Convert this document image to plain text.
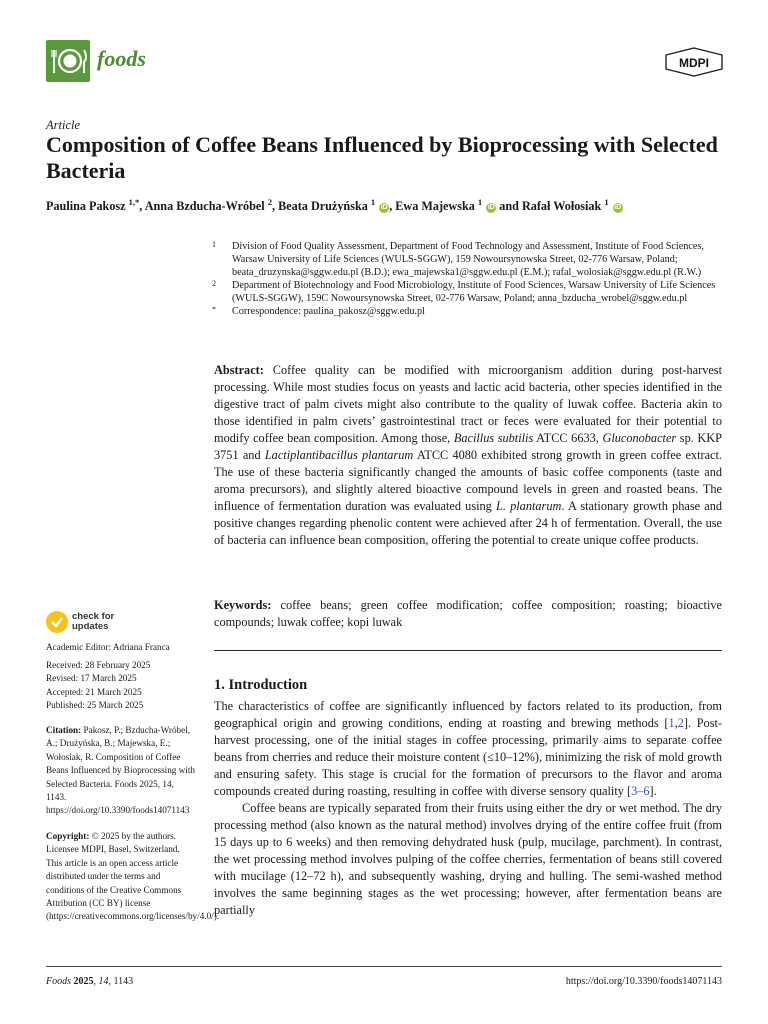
foods	MDPI
Article
Composition of Coffee Beans Influenced by Bioprocessing with Selected Bacteria
Paulina Pakosz $^{1,*}$, Anna Bzducha-Wróbel $^2$, Beata Drużyńska $^1$ iD , Ewa Majewska $^1$ iD and Rafał Wołosiak $^1$ iD
1 Division of Food Quality Assessment, Department of Food Technology and Assessment, Institute of Food Sciences, Warsaw University of Life Sciences (WULS-SGGW), 159 Nowoursynowska Street, 02-776 Warsaw, Poland; beata_druzynska@sggw.edu.pl (B.D.); ewa_majewska1@sggw.edu.pl (E.M.); rafal_wolosiak@sggw.edu.pl (R.W.)
2 Department of Biotechnology and Food Microbiology, Institute of Food Sciences, Warsaw University of Life Sciences (WULS-SGGW), 159C Nowoursynowska Street, 02-776 Warsaw, Poland; anna_bzducha_wrobel@sggw.edu.pl
* Correspondence: paulina_pakosz@sggw.edu.pl

Abstract: Coffee quality can be modified with microorganism addition during post-harvest processing. While most studies focus on yeasts and lactic acid bacteria, other species identified in the digestive tract of palm civets might also contribute to the quality of luwak coffee. Bacteria akin to those identified in palm civets’ gastrointestinal tract or feces were evaluated for their potential to modify coffee bean composition. Among those, Bacillus subtilis ATCC 6633, Gluconobacter sp. KKP 3751 and Lactiplantibacillus plantarum ATCC 4080 exhibited strong growth in green coffee extract. The use of these bacteria significantly changed the amounts of basic coffee components (taste and aroma precursors), and slightly altered bioactive compound levels in green and roasted beans. The influence of fermentation duration was evaluated using L. plantarum. A stationary growth phase and positive changes regarding phenolic content were achieved after 24 h of fermentation. Overall, the use of bacteria can influence bean composition, offering the potential to create unique coffee products.

Keywords: coffee beans; green coffee modification; coffee composition; roasting; bioactive compounds; luwak coffee; kopi luwak

1. Introduction

The characteristics of coffee are significantly influenced by factors related to its production, from geographical origin and growing conditions, ending at roasting and brewing methods [1,2]. Post-harvest processing, one of the initial stages in coffee processing, primarily aims to separate coffee beans from cherries and reduce their moisture content (≤10–12%), minimizing the risk of mold growth and ensuring safety. This stage is crucial for the formation of precursors to the flavor and aroma compounds created during roasting, resulting in coffee with diverse sensory quality [3–6].

Coffee beans are typically separated from their fruits using either the dry or wet method. The dry processing method (also known as the natural method) involves drying of the entire coffee fruit (from 15 days up to 6 weeks) and then removing dehydrated husk (pulp, mucilage, parchment). In contrast, the wet processing method involves pulping of the coffee cherries, fermentation of beans still covered with mucilage (12–72 h), and subsequently washing, drying and hulling. The semi-washed method involves the same beginning stages as the wet processing; however, after fermentation beans are partially

check for
updates
Academic Editor: Adriana Franca
Received: 28 February 2025
Revised: 17 March 2025
Accepted: 21 March 2025
Published: 25 March 2025

Citation: Pakosz, P.; Bzducha-Wróbel, A.; Drużyńska, B.; Majewska, E.; Wołosiak, R. Composition of Coffee Beans Influenced by Bioprocessing with Selected Bacteria. Foods 2025, 14, 1143. https://doi.org/10.3390/foods14071143

Copyright: © 2025 by the authors. Licensee MDPI, Basel, Switzerland. This article is an open access article distributed under the terms and conditions of the Creative Commons Attribution (CC BY) license (https://creativecommons.org/licenses/by/4.0/).

Foods 2025, 14, 1143	https://doi.org/10.3390/foods14071143
